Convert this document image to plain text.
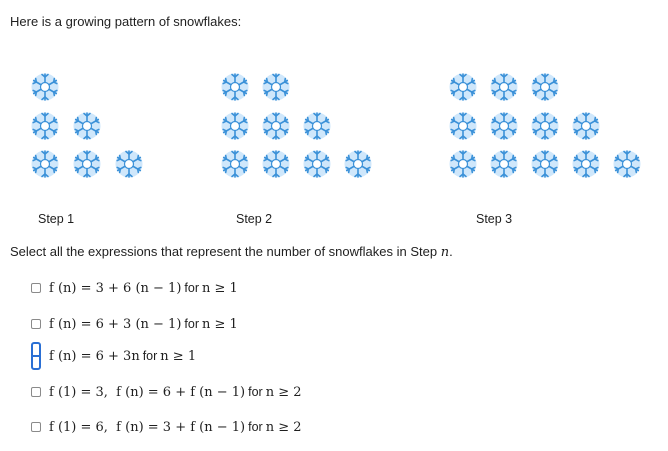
Here is a growing pattern of snowflakes:
Step 1	Step 2	Step 3
Select all the expressions that represent the number of snowflakes in Step n.
f (n) = 3 + 6 (n − 1) for n ≥ 1
f (n) = 6 + 3 (n − 1) for n ≥ 1
f (n) = 6 + 3n for n ≥ 1
f (1) = 3,  f (n) = 6 + f (n − 1) for n ≥ 2
f (1) = 6,  f (n) = 3 + f (n − 1) for n ≥ 2
